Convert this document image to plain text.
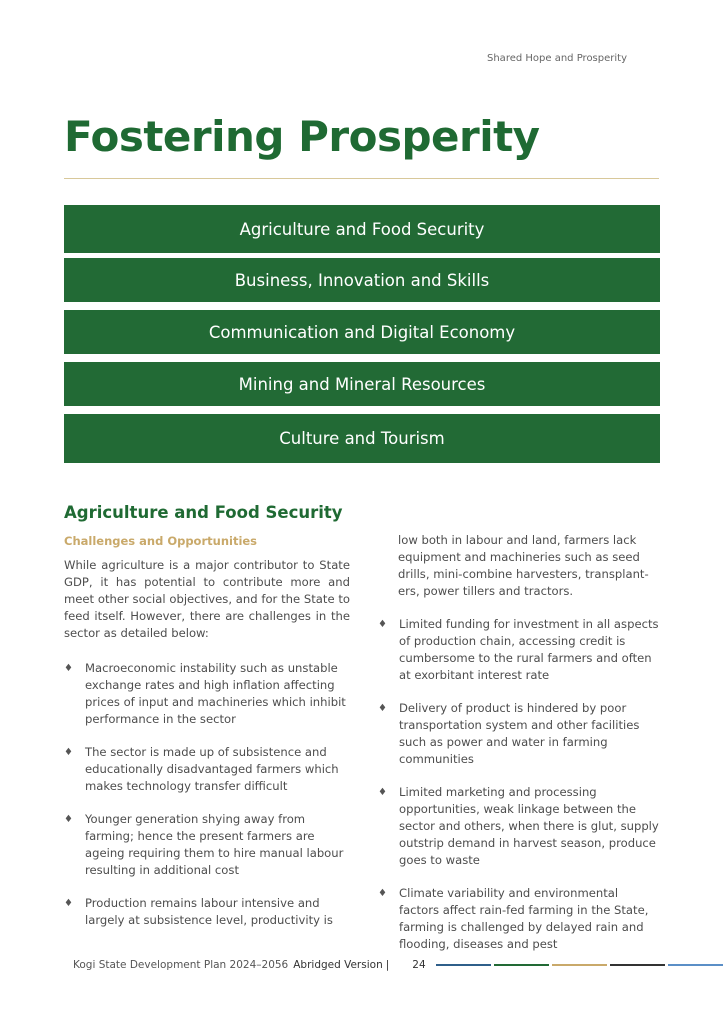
Shared Hope and Prosperity
Fostering Prosperity
Agriculture and Food Security
Business, Innovation and Skills
Communication and Digital Economy
Mining and Mineral Resources
Culture and Tourism
Agriculture and Food Security
Challenges and Opportunities

While agriculture is a major contributor to State GDP, it has potential to contribute more and meet other social objectives, and for the State to feed itself. However, there are challenges in the sector as detailed below:

♦ Macroeconomic instability such as unstable exchange rates and high inflation affecting prices of input and machineries which inhibit performance in the sector
♦ The sector is made up of subsistence and educationally disadvantaged farmers which makes technology transfer difficult
♦ Younger generation shying away from farming; hence the present farmers are ageing requiring them to hire manual labour resulting in additional cost
♦ Production remains labour intensive and largely at subsistence level, productivity is

low both in labour and land, farmers lack equipment and machineries such as seed drills, mini-combine harvesters, transplant-ers, power tillers and tractors.

♦ Limited funding for investment in all aspects of production chain, accessing credit is cumbersome to the rural farmers and often at exorbitant interest rate
♦ Delivery of product is hindered by poor transportation system and other facilities such as power and water in farming communities
♦ Limited marketing and processing opportunities, weak linkage between the sector and others, when there is glut, supply outstrip demand in harvest season, produce goes to waste
♦ Climate variability and environmental factors affect rain-fed farming in the State, farming is challenged by delayed rain and flooding, diseases and pest
Kogi State Development Plan 2024–2056 Abridged Version | 24
